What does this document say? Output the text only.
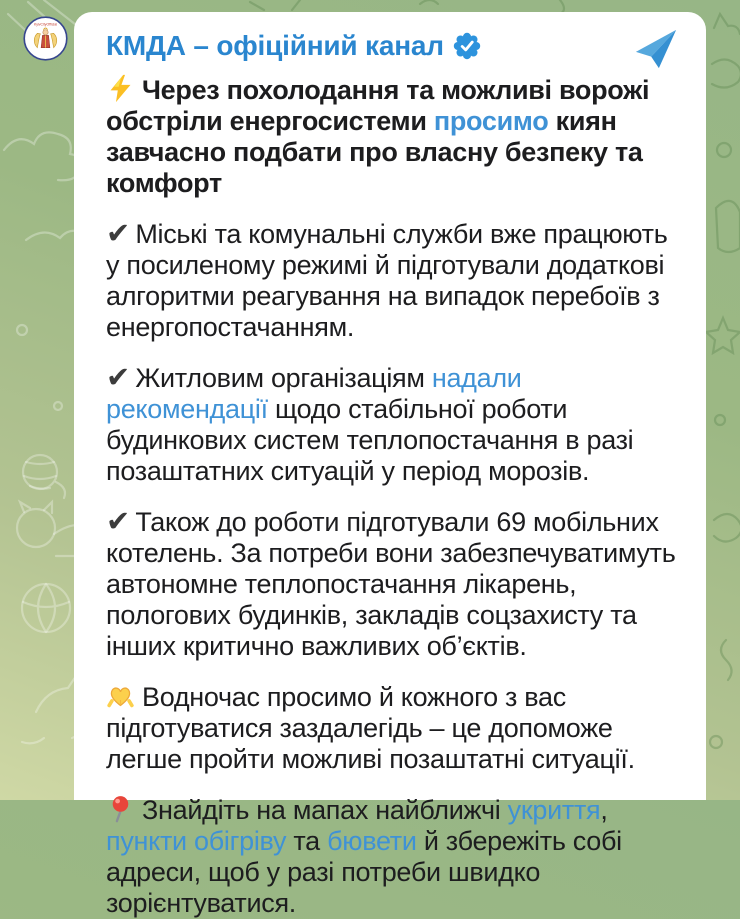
KyivCityOfficial
КМДА – офіційний канал

Через похолодання та можливі ворожі обстріли енергосистеми просимо киян завчасно подбати про власну безпеку та комфорт

✔ Міські та комунальні служби вже працюють у посиленому режимі й підготували додаткові алгоритми реагування на випадок перебоїв з енергопостачанням.

✔ Житловим організаціям надали рекомендації щодо стабільної роботи будинкових систем теплопостачання в разі позаштатних ситуацій у період морозів.

✔ Також до роботи підготували 69 мобільних котелень. За потреби вони забезпечуватимуть автономне теплопостачання лікарень, пологових будинків, закладів соцзахисту та інших критично важливих об’єктів.

Водночас просимо й кожного з вас підготуватися заздалегідь – це допоможе легше пройти можливі позаштатні ситуації.

Знайдіть на мапах найближчі укриття, пункти обігріву та бювети й збережіть собі адреси, щоб у разі потреби швидко зорієнтуватися.
